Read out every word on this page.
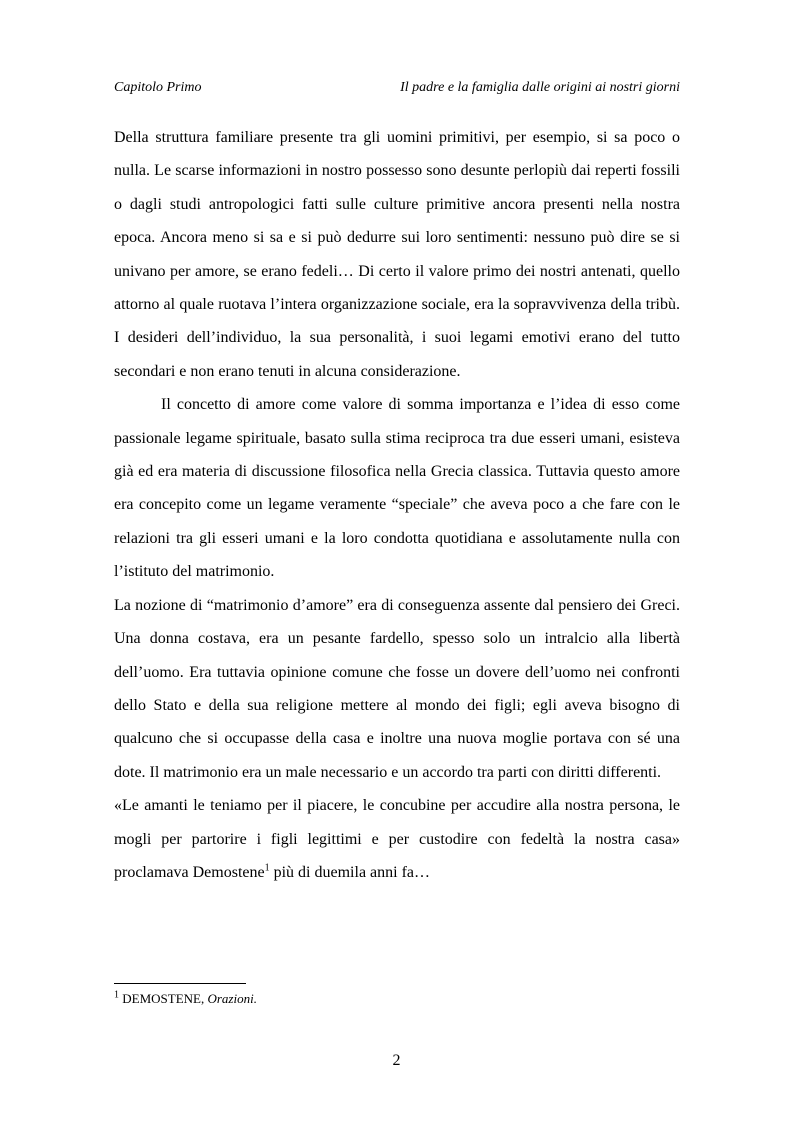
Capitolo Primo	Il padre e la famiglia dalle origini ai nostri giorni

Della struttura familiare presente tra gli uomini primitivi, per esempio, si sa poco o nulla. Le scarse informazioni in nostro possesso sono desunte perlopiù dai reperti fossili o dagli studi antropologici fatti sulle culture primitive ancora presenti nella nostra epoca. Ancora meno si sa e si può dedurre sui loro sentimenti: nessuno può dire se si univano per amore, se erano fedeli… Di certo il valore primo dei nostri antenati, quello attorno al quale ruotava l’intera organizzazione sociale, era la sopravvivenza della tribù. I desideri dell’individuo, la sua personalità, i suoi legami emotivi erano del tutto secondari e non erano tenuti in alcuna considerazione.

Il concetto di amore come valore di somma importanza e l’idea di esso come passionale legame spirituale, basato sulla stima reciproca tra due esseri umani, esisteva già ed era materia di discussione filosofica nella Grecia classica. Tuttavia questo amore era concepito come un legame veramente “speciale” che aveva poco a che fare con le relazioni tra gli esseri umani e la loro condotta quotidiana e assolutamente nulla con l’istituto del matrimonio.

La nozione di “matrimonio d’amore” era di conseguenza assente dal pensiero dei Greci. Una donna costava, era un pesante fardello, spesso solo un intralcio alla libertà dell’uomo. Era tuttavia opinione comune che fosse un dovere dell’uomo nei confronti dello Stato e della sua religione mettere al mondo dei figli; egli aveva bisogno di qualcuno che si occupasse della casa e inoltre una nuova moglie portava con sé una dote. Il matrimonio era un male necessario e un accordo tra parti con diritti differenti.

«Le amanti le teniamo per il piacere, le concubine per accudire alla nostra persona, le mogli per partorire i figli legittimi e per custodire con fedeltà la nostra casa» proclamava Demostene$^1$ più di duemila anni fa…

$^1$ DEMOSTENE, Orazioni.
2
